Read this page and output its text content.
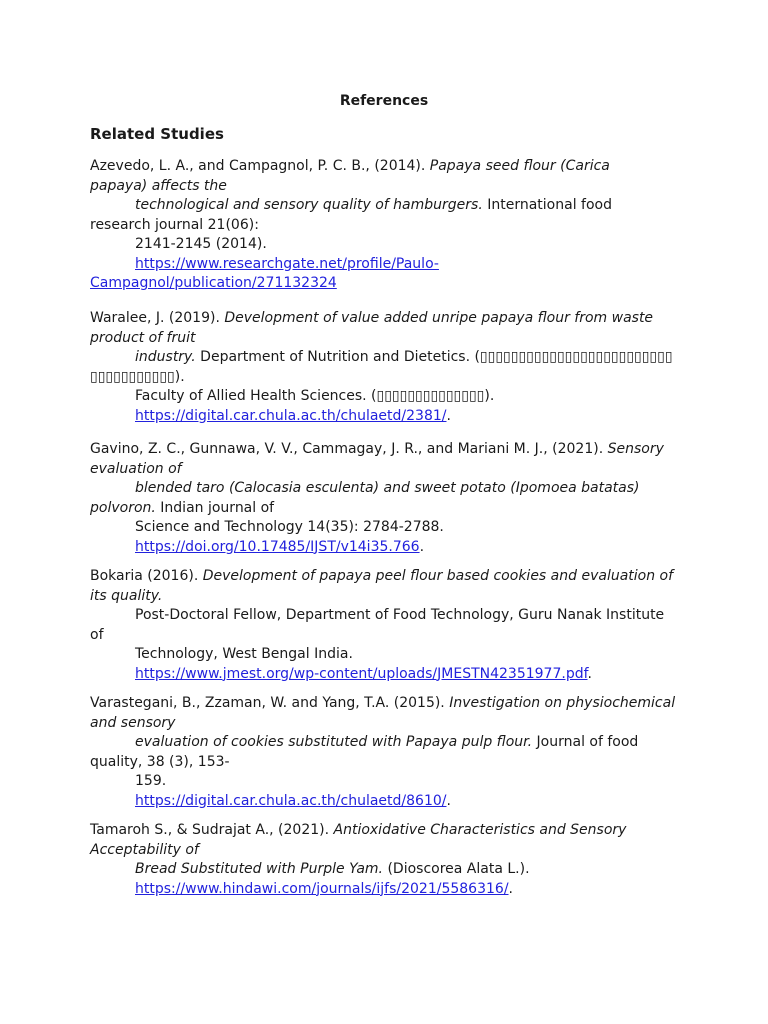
References
Related Studies
Azevedo, L. A., and Campagnol, P. C. B., (2014). Papaya seed flour (Carica
papaya) affects the
technological and sensory quality of hamburgers. International food
research journal 21(06):
2141-2145 (2014).
https://www.researchgate.net/profile/Paulo-
Campagnol/publication/271132324
Waralee, J. (2019). Development of value added unripe papaya flour from waste
product of fruit
industry. Department of Nutrition and Dietetics. (▯▯▯▯▯▯▯▯▯▯▯▯▯▯▯▯▯▯▯▯▯▯▯▯▯
▯▯▯▯▯▯▯▯▯▯▯).
Faculty of Allied Health Sciences. (▯▯▯▯▯▯▯▯▯▯▯▯▯▯).
https://digital.car.chula.ac.th/chulaetd/2381/.
Gavino, Z. C., Gunnawa, V. V., Cammagay, J. R., and Mariani M. J., (2021). Sensory
evaluation of
blended taro (Calocasia esculenta) and sweet potato (Ipomoea batatas)
polvoron. Indian journal of
Science and Technology 14(35): 2784-2788.
https://doi.org/10.17485/IJST/v14i35.766.
Bokaria (2016). Development of papaya peel flour based cookies and evaluation of
its quality.
Post-Doctoral Fellow, Department of Food Technology, Guru Nanak Institute
of
Technology, West Bengal India.
https://www.jmest.org/wp-content/uploads/JMESTN42351977.pdf.
Varastegani, B., Zzaman, W. and Yang, T.A. (2015). Investigation on physiochemical
and sensory
evaluation of cookies substituted with Papaya pulp flour. Journal of food
quality, 38 (3), 153-
159.
https://digital.car.chula.ac.th/chulaetd/8610/.
Tamaroh S., & Sudrajat A., (2021). Antioxidative Characteristics and Sensory
Acceptability of
Bread Substituted with Purple Yam. (Dioscorea Alata L.).
https://www.hindawi.com/journals/ijfs/2021/5586316/.
